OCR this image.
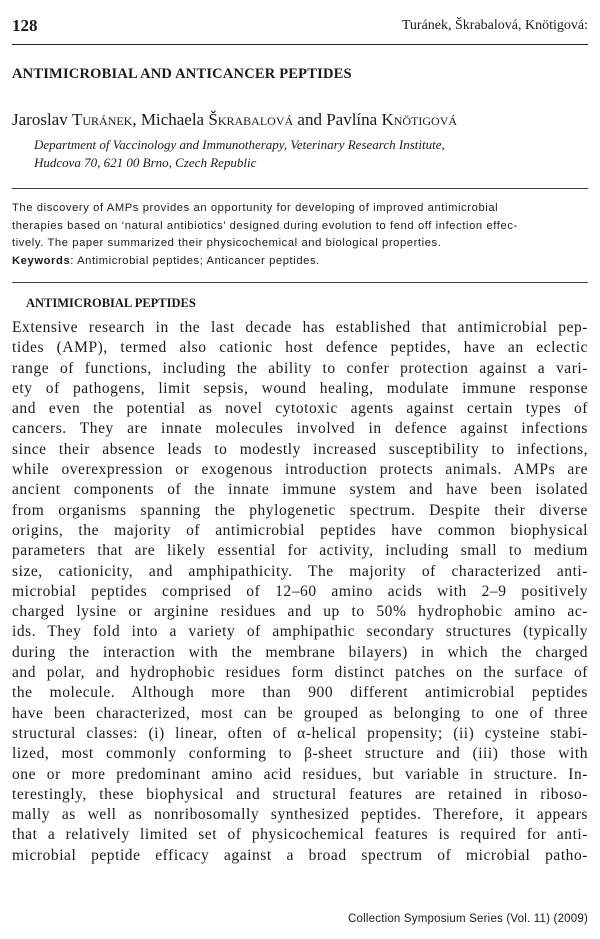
128	Turánek, Škrabalová, Knötigová:
ANTIMICROBIAL AND ANTICANCER PEPTIDES
Jaroslav Turánek, Michaela Škrabalová and Pavlína Knötigová
Department of Vaccinology and Immunotherapy, Veterinary Research Institute,
Hudcova 70, 621 00 Brno, Czech Republic
The discovery of AMPs provides an opportunity for developing of improved antimicrobial
therapies based on ‘natural antibiotics’ designed during evolution to fend off infection effec-
tively. The paper summarized their physicochemical and biological properties.
Keywords: Antimicrobial peptides; Anticancer peptides.
ANTIMICROBIAL PEPTIDES
Extensive research in the last decade has established that antimicrobial pep-
tides (AMP), termed also cationic host defence peptides, have an eclectic
range of functions, including the ability to confer protection against a vari-
ety of pathogens, limit sepsis, wound healing, modulate immune response
and even the potential as novel cytotoxic agents against certain types of
cancers. They are innate molecules involved in defence against infections
since their absence leads to modestly increased susceptibility to infections,
while overexpression or exogenous introduction protects animals. AMPs are
ancient components of the innate immune system and have been isolated
from organisms spanning the phylogenetic spectrum. Despite their diverse
origins, the majority of antimicrobial peptides have common biophysical
parameters that are likely essential for activity, including small to medium
size, cationicity, and amphipathicity. The majority of characterized anti-
microbial peptides comprised of 12–60 amino acids with 2–9 positively
charged lysine or arginine residues and up to 50% hydrophobic amino ac-
ids. They fold into a variety of amphipathic secondary structures (typically
during the interaction with the membrane bilayers) in which the charged
and polar, and hydrophobic residues form distinct patches on the surface of
the molecule. Although more than 900 different antimicrobial peptides
have been characterized, most can be grouped as belonging to one of three
structural classes: (i) linear, often of α-helical propensity; (ii) cysteine stabi-
lized, most commonly conforming to β-sheet structure and (iii) those with
one or more predominant amino acid residues, but variable in structure. In-
terestingly, these biophysical and structural features are retained in riboso-
mally as well as nonribosomally synthesized peptides. Therefore, it appears
that a relatively limited set of physicochemical features is required for anti-
microbial peptide efficacy against a broad spectrum of microbial patho-
Collection Symposium Series (Vol. 11) (2009)
